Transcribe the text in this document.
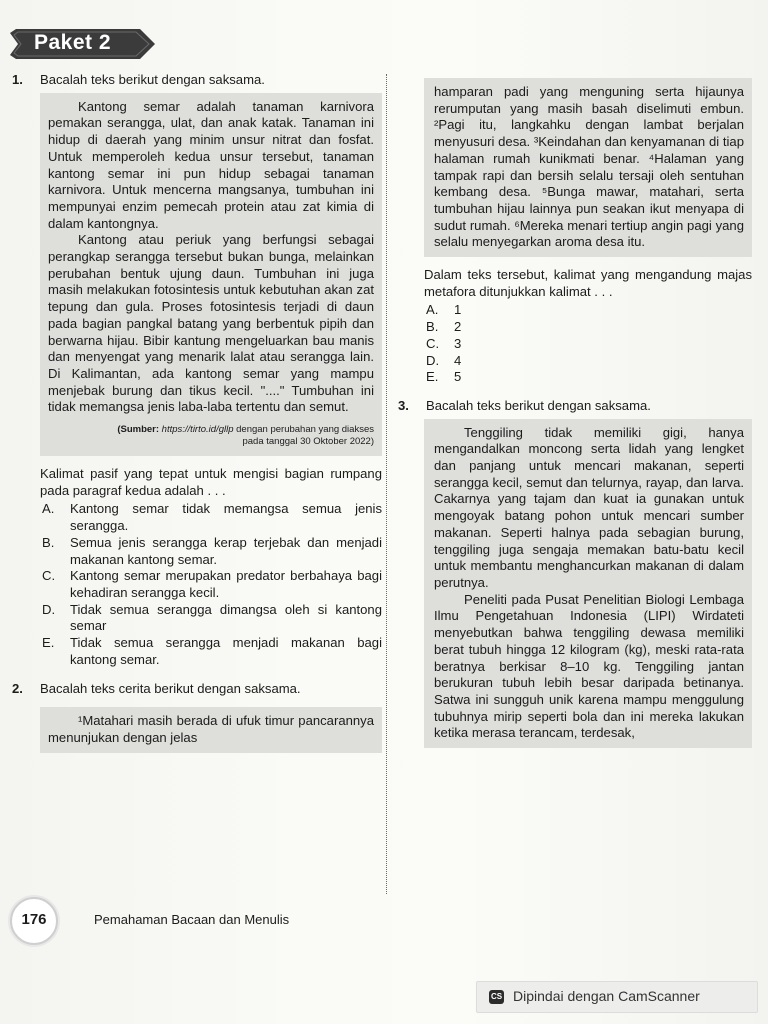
Paket 2
1. Bacalah teks berikut dengan saksama.

Kantong semar adalah tanaman karnivora pemakan serangga, ulat, dan anak katak. Tanaman ini hidup di daerah yang minim unsur nitrat dan fosfat. Untuk memperoleh kedua unsur tersebut, tanaman kantong semar ini pun hidup sebagai tanaman karnivora. Untuk mencerna mangsanya, tumbuhan ini mempunyai enzim pemecah protein atau zat kimia di dalam kantongnya.

Kantong atau periuk yang berfungsi sebagai perangkap serangga tersebut bukan bunga, melainkan perubahan bentuk ujung daun. Tumbuhan ini juga masih melakukan fotosintesis untuk kebutuhan akan zat tepung dan gula. Proses fotosintesis terjadi di daun pada bagian pangkal batang yang berbentuk pipih dan berwarna hijau. Bibir kantung mengeluarkan bau manis dan menyengat yang menarik lalat atau serangga lain. Di Kalimantan, ada kantong semar yang mampu menjebak burung dan tikus kecil. "...." Tumbuhan ini tidak memangsa jenis laba-laba tertentu dan semut.

(Sumber: https://tirto.id/gllp dengan perubahan yang diakses
pada tanggal 30 Oktober 2022)
Kalimat pasif yang tepat untuk mengisi bagian rumpang pada paragraf kedua adalah . . .
A. Kantong semar tidak memangsa semua jenis serangga.
B. Semua jenis serangga kerap terjebak dan menjadi makanan kantong semar.
C. Kantong semar merupakan predator berbahaya bagi kehadiran serangga kecil.
D. Tidak semua serangga dimangsa oleh si kantong semar
E. Tidak semua serangga menjadi makanan bagi kantong semar.
2. Bacalah teks cerita berikut dengan saksama.

¹Matahari masih berada di ufuk timur pancarannya menunjukan dengan jelas

hamparan padi yang menguning serta hijaunya rerumputan yang masih basah diselimuti embun. ²Pagi itu, langkahku dengan lambat berjalan menyusuri desa. ³Keindahan dan kenyamanan di tiap halaman rumah kunikmati benar. ⁴Halaman yang tampak rapi dan bersih selalu tersaji oleh sentuhan kembang desa. ⁵Bunga mawar, matahari, serta tumbuhan hijau lainnya pun seakan ikut menyapa di sudut rumah. ⁶Mereka menari tertiup angin pagi yang selalu menyegarkan aroma desa itu.

Dalam teks tersebut, kalimat yang mengandung majas metafora ditunjukkan kalimat . . .
A. 1
B. 2
C. 3
D. 4
E. 5
3. Bacalah teks berikut dengan saksama.

Tenggiling tidak memiliki gigi, hanya mengandalkan moncong serta lidah yang lengket dan panjang untuk mencari makanan, seperti serangga kecil, semut dan telurnya, rayap, dan larva. Cakarnya yang tajam dan kuat ia gunakan untuk mengoyak batang pohon untuk mencari sumber makanan. Seperti halnya pada sebagian burung, tenggiling juga sengaja memakan batu-batu kecil untuk membantu menghancurkan makanan di dalam perutnya.

Peneliti pada Pusat Penelitian Biologi Lembaga Ilmu Pengetahuan Indonesia (LIPI) Wirdateti menyebutkan bahwa tenggiling dewasa memiliki berat tubuh hingga 12 kilogram (kg), meski rata-rata beratnya berkisar 8–10 kg. Tenggiling jantan berukuran tubuh lebih besar daripada betinanya. Satwa ini sungguh unik karena mampu menggulung tubuhnya mirip seperti bola dan ini mereka lakukan ketika merasa terancam, terdesak,

176	Pemahaman Bacaan dan Menulis
CS Dipindai dengan CamScanner
